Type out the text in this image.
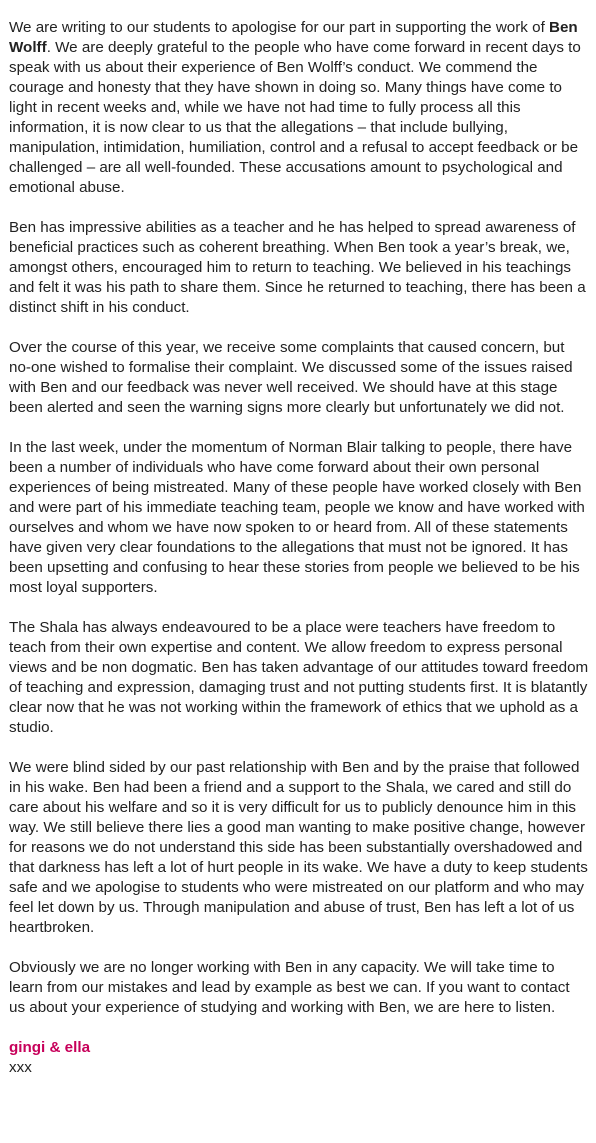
We are writing to our students to apologise for our part in supporting the work of Ben Wolff. We are deeply grateful to the people who have come forward in recent days to speak with us about their experience of Ben Wolff’s conduct. We commend the courage and honesty that they have shown in doing so. Many things have come to light in recent weeks and, while we have not had time to fully process all this information, it is now clear to us that the allegations – that include bullying, manipulation, intimidation, humiliation, control and a refusal to accept feedback or be challenged – are all well-founded. These accusations amount to psychological and emotional abuse.

Ben has impressive abilities as a teacher and he has helped to spread awareness of beneficial practices such as coherent breathing. When Ben took a year’s break, we, amongst others, encouraged him to return to teaching. We believed in his teachings and felt it was his path to share them. Since he returned to teaching, there has been a distinct shift in his conduct.

Over the course of this year, we receive some complaints that caused concern, but no-one wished to formalise their complaint. We discussed some of the issues raised with Ben and our feedback was never well received. We should have at this stage been alerted and seen the warning signs more clearly but unfortunately we did not.

In the last week, under the momentum of Norman Blair talking to people, there have been a number of individuals who have come forward about their own personal experiences of being mistreated. Many of these people have worked closely with Ben and were part of his immediate teaching team, people we know and have worked with ourselves and whom we have now spoken to or heard from. All of these statements have given very clear foundations to the allegations that must not be ignored. It has been upsetting and confusing to hear these stories from people we believed to be his most loyal supporters.

The Shala has always endeavoured to be a place were teachers have freedom to teach from their own expertise and content. We allow freedom to express personal views and be non dogmatic. Ben has taken advantage of our attitudes toward freedom of teaching and expression, damaging trust and not putting students first. It is blatantly clear now that he was not working within the framework of ethics that we uphold as a studio.

We were blind sided by our past relationship with Ben and by the praise that followed in his wake. Ben had been a friend and a support to the Shala, we cared and still do care about his welfare and so it is very difficult for us to publicly denounce him in this way. We still believe there lies a good man wanting to make positive change, however for reasons we do not understand this side has been substantially overshadowed and that darkness has left a lot of hurt people in its wake. We have a duty to keep students safe and we apologise to students who were mistreated on our platform and who may feel let down by us. Through manipulation and abuse of trust, Ben has left a lot of us heartbroken.

Obviously we are no longer working with Ben in any capacity. We will take time to learn from our mistakes and lead by example as best we can. If you want to contact us about your experience of studying and working with Ben, we are here to listen.

gingi & ella
xxx
